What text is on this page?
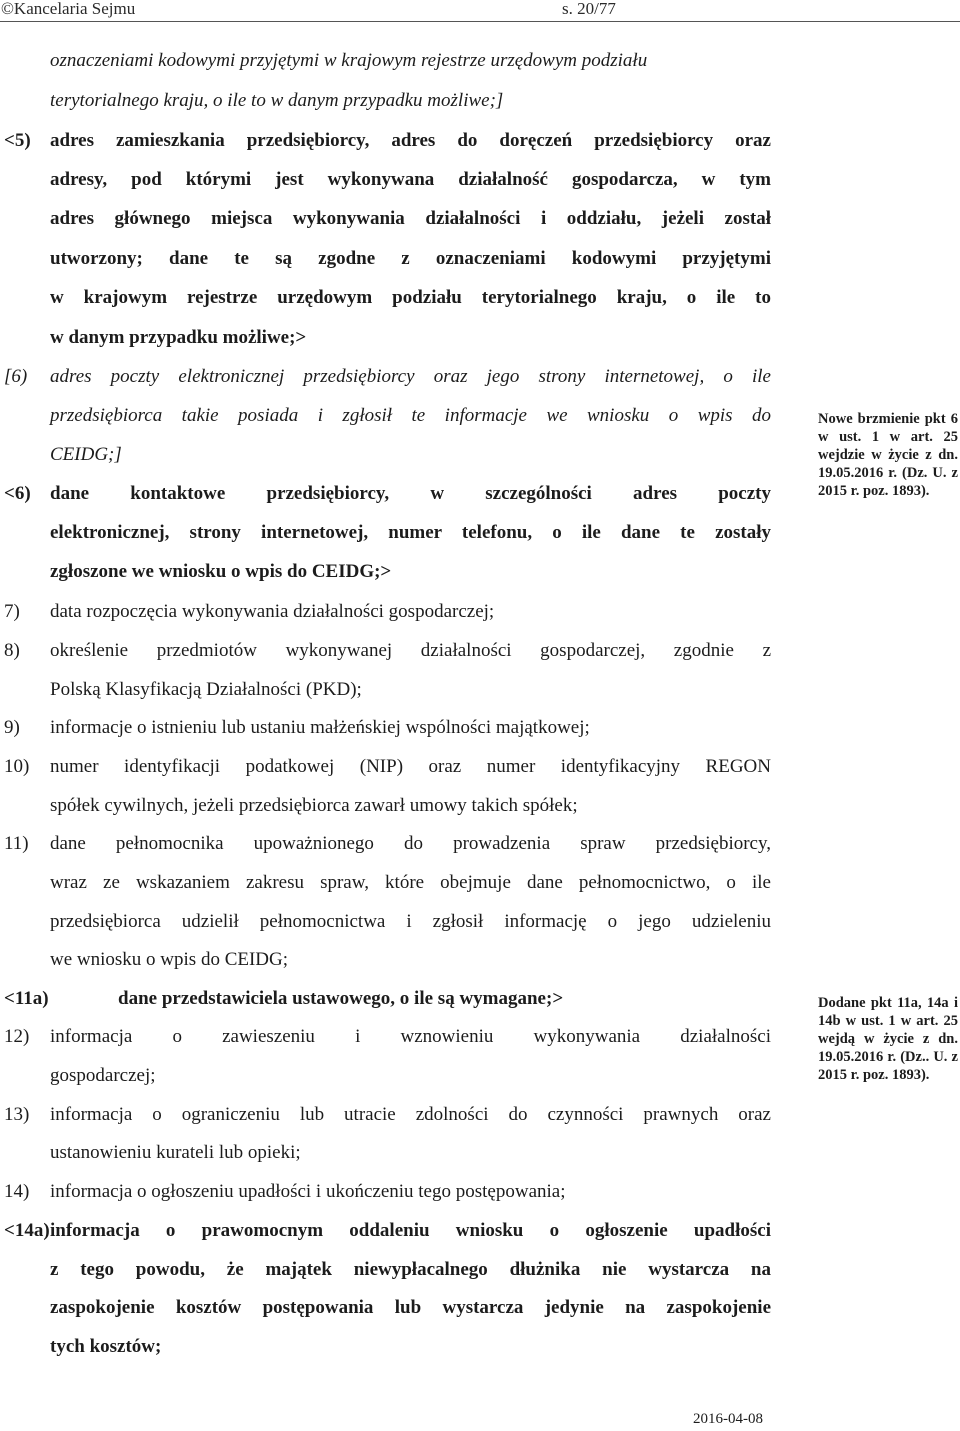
©Kancelaria Sejmu	s. 20/77
oznaczeniami kodowymi przyjętymi w krajowym rejestrze urzędowym podziału
terytorialnego kraju, o ile to w danym przypadku możliwe;]
<5) adres zamieszkania przedsiębiorcy, adres do doręczeń przedsiębiorcy oraz
adresy, pod którymi jest wykonywana działalność gospodarcza, w tym
adres głównego miejsca wykonywania działalności i oddziału, jeżeli został
utworzony; dane te są zgodne z oznaczeniami kodowymi przyjętymi
w krajowym rejestrze urzędowym podziału terytorialnego kraju, o ile to
w danym przypadku możliwe;>
[6) adres poczty elektronicznej przedsiębiorcy oraz jego strony internetowej, o ile
przedsiębiorca takie posiada i zgłosił te informacje we wniosku o wpis do
CEIDG;]
<6) dane kontaktowe przedsiębiorcy, w szczególności adres poczty
elektronicznej, strony internetowej, numer telefonu, o ile dane te zostały
zgłoszone we wniosku o wpis do CEIDG;>
7) data rozpoczęcia wykonywania działalności gospodarczej;
8) określenie przedmiotów wykonywanej działalności gospodarczej, zgodnie z
Polską Klasyfikacją Działalności (PKD);
9) informacje o istnieniu lub ustaniu małżeńskiej wspólności majątkowej;
10) numer identyfikacji podatkowej (NIP) oraz numer identyfikacyjny REGON
spółek cywilnych, jeżeli przedsiębiorca zawarł umowy takich spółek;
11) dane pełnomocnika upoważnionego do prowadzenia spraw przedsiębiorcy,
wraz ze wskazaniem zakresu spraw, które obejmuje dane pełnomocnictwo, o ile
przedsiębiorca udzielił pełnomocnictwa i zgłosił informację o jego udzieleniu
we wniosku o wpis do CEIDG;
<11a)	dane przedstawiciela ustawowego, o ile są wymagane;>
12) informacja o zawieszeniu i wznowieniu wykonywania działalności
gospodarczej;
13) informacja o ograniczeniu lub utracie zdolności do czynności prawnych oraz
ustanowieniu kurateli lub opieki;
14) informacja o ogłoszeniu upadłości i ukończeniu tego postępowania;
<14a) informacja o prawomocnym oddaleniu wniosku o ogłoszenie upadłości
z tego powodu, że majątek niewypłacalnego dłużnika nie wystarcza na
zaspokojenie kosztów postępowania lub wystarcza jedynie na zaspokojenie
tych kosztów;
Nowe brzmienie pkt 6 w ust. 1 w art. 25 wejdzie w życie z dn. 19.05.2016 r. (Dz. U. z 2015 r. poz. 1893).
Dodane pkt 11a, 14a i 14b w ust. 1 w art. 25 wejdą w życie z dn. 19.05.2016 r. (Dz.. U. z 2015 r. poz. 1893).
2016-04-08
